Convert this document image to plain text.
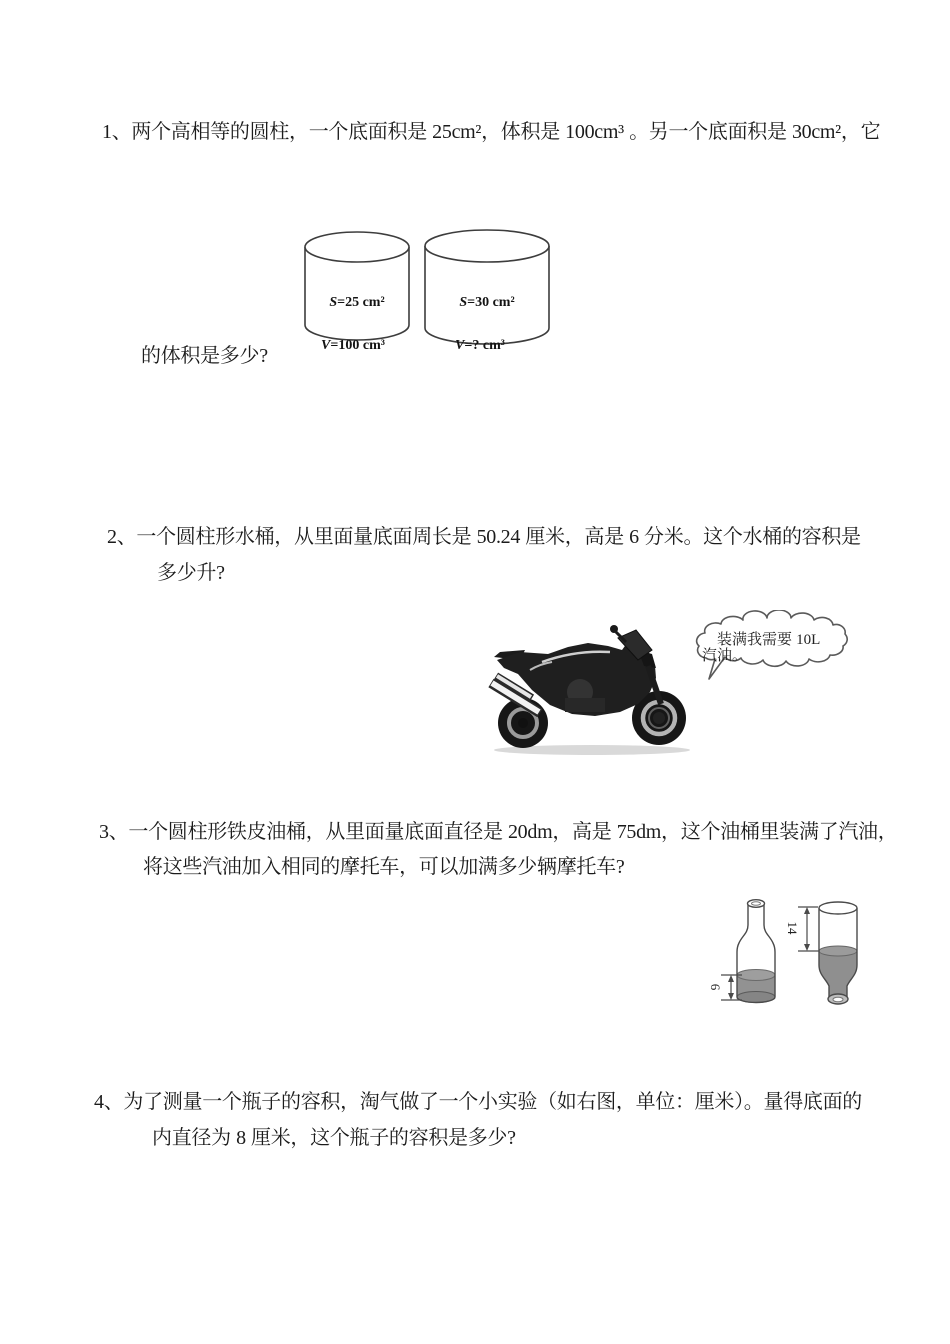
1、两个高相等的圆柱，一个底面积是 25cm²，体积是 100cm³ 。另一个底面积是 30cm²，它
的体积是多少?
S=25 cm²	S=30 cm²
V=100 cm³	V=? cm³
2、一个圆柱形水桶，从里面量底面周长是 50.24 厘米，高是 6 分米。这个水桶的容积是
多少升?
装满我需要 10L
汽油。
3、一个圆柱形铁皮油桶，从里面量底面直径是 20dm，高是 75dm，这个油桶里装满了汽油，
将这些汽油加入相同的摩托车，可以加满多少辆摩托车?
6
14
4、为了测量一个瓶子的容积，淘气做了一个小实验（如右图，单位：厘米）。量得底面的
内直径为 8 厘米，这个瓶子的容积是多少?
